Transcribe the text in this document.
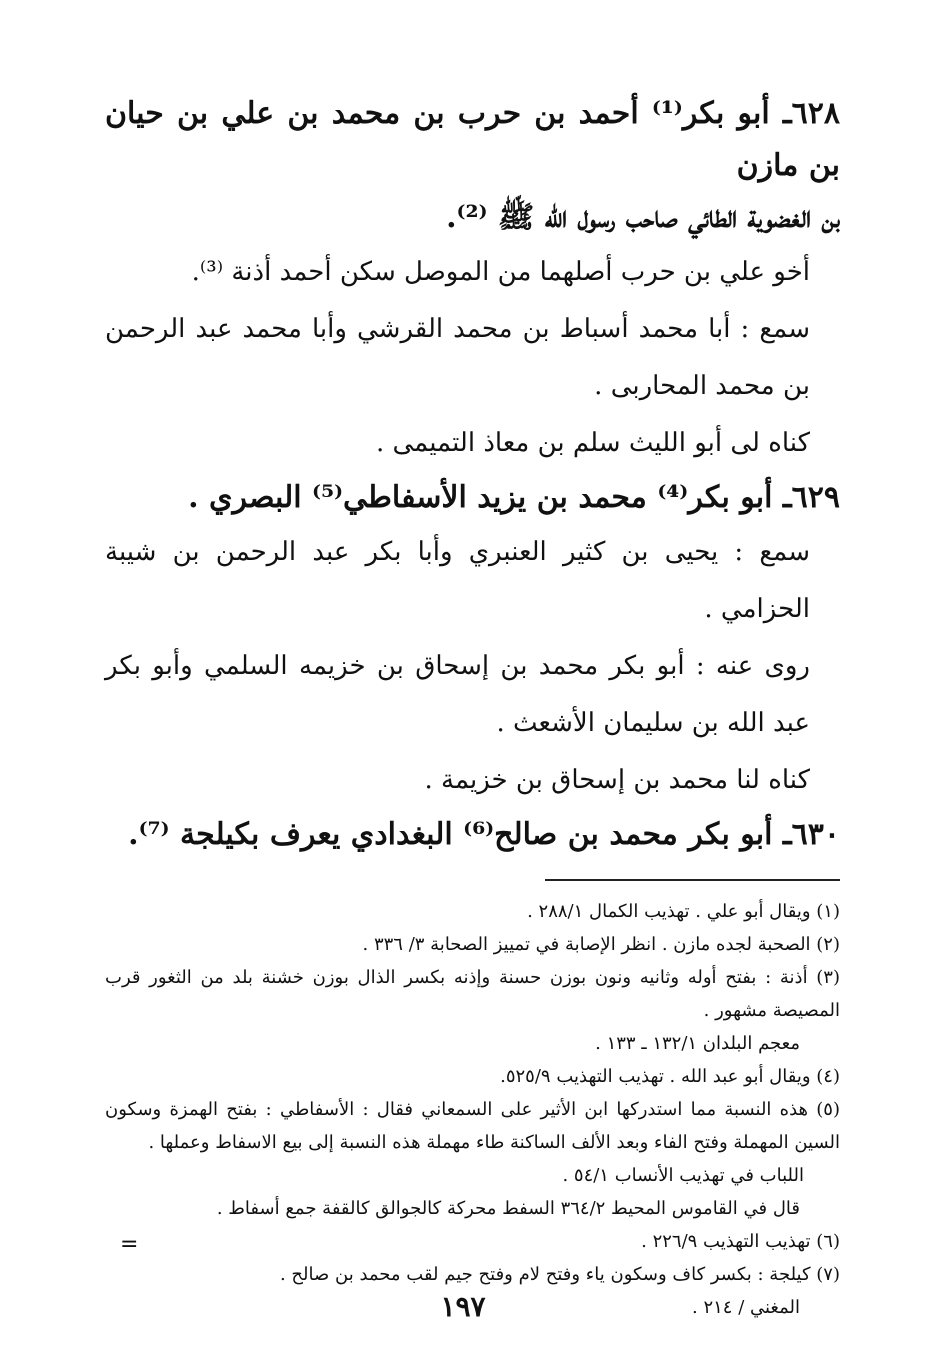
٦٢٨ـ أبو بكر⁽¹⁾ أحمد بن حرب بن محمد بن علي بن حيان بن مازن

بن الغضوية الطائي صاحب رسول الله ﷺ ⁽²⁾.

أخو علي بن حرب أصلهما من الموصل سكن أحمد أذنة ⁽³⁾.

سمع : أبا محمد أسباط بن محمد القرشي وأبا محمد عبد الرحمن بن محمد المحاربى .

كناه لى أبو الليث سلم بن معاذ التميمى .

٦٢٩ـ أبو بكر⁽⁴⁾ محمد بن يزيد الأسفاطي⁽⁵⁾ البصري .

سمع : يحيى بن كثير العنبري وأبا بكر عبد الرحمن بن شيبة الحزامي .

روى عنه : أبو بكر محمد بن إسحاق بن خزيمه السلمي وأبو بكر عبد الله بن سليمان الأشعث .

كناه لنا محمد بن إسحاق بن خزيمة .

٦٣٠ـ أبو بكر محمد بن صالح⁽⁶⁾ البغدادي يعرف بكيلجة ⁽⁷⁾.

(١) ويقال أبو علي . تهذيب الكمال ٢٨٨/١ .

(٢) الصحبة لجده مازن . انظر الإصابة في تمييز الصحابة ٣/ ٣٣٦ .

(٣) أذنة : بفتح أوله وثانيه ونون بوزن حسنة وإذنه بكسر الذال بوزن خشنة بلد من الثغور قرب المصيصة مشهور .

معجم البلدان ١٣٢/١ ـ ١٣٣ .

(٤) ويقال أبو عبد الله . تهذيب التهذيب ٥٢٥/٩.

(٥) هذه النسبة مما استدركها ابن الأثير على السمعاني فقال : الأسفاطي : بفتح الهمزة وسكون السين المهملة وفتح الفاء وبعد الألف الساكنة طاء مهملة هذه النسبة إلى بيع الاسفاط وعملها .

اللباب في تهذيب الأنساب ٥٤/١ .

قال في القاموس المحيط ٣٦٤/٢ السفط محركة كالجوالق كالقفة جمع أسفاط .

(٦) تهذيب التهذيب ٢٢٦/٩ .

(٧) كيلجة : بكسر كاف وسكون ياء وفتح لام وفتح جيم لقب محمد بن صالح .

المغني / ٢١٤ .

=
١٩٧
